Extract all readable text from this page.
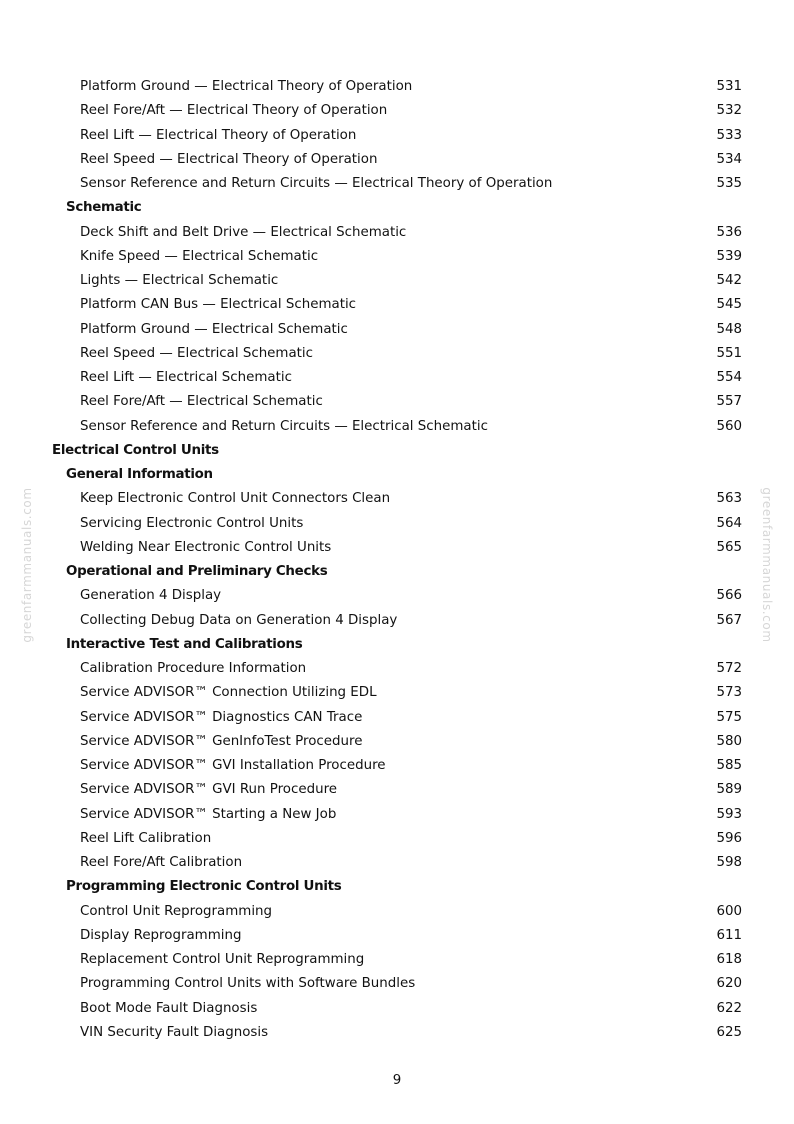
greenfarmmanuals.com	greenfarmmanuals.com
Platform Ground — Electrical Theory of Operation	531
Reel Fore/Aft — Electrical Theory of Operation	532
Reel Lift — Electrical Theory of Operation	533
Reel Speed — Electrical Theory of Operation	534
Sensor Reference and Return Circuits — Electrical Theory of Operation	535
Schematic
Deck Shift and Belt Drive — Electrical Schematic	536
Knife Speed — Electrical Schematic	539
Lights — Electrical Schematic	542
Platform CAN Bus — Electrical Schematic	545
Platform Ground — Electrical Schematic	548
Reel Speed — Electrical Schematic	551
Reel Lift — Electrical Schematic	554
Reel Fore/Aft — Electrical Schematic	557
Sensor Reference and Return Circuits — Electrical Schematic	560
Electrical Control Units
General Information
Keep Electronic Control Unit Connectors Clean	563
Servicing Electronic Control Units	564
Welding Near Electronic Control Units	565
Operational and Preliminary Checks
Generation 4 Display	566
Collecting Debug Data on Generation 4 Display	567
Interactive Test and Calibrations
Calibration Procedure Information	572
Service ADVISOR™ Connection Utilizing EDL	573
Service ADVISOR™ Diagnostics CAN Trace	575
Service ADVISOR™ GenInfoTest Procedure	580
Service ADVISOR™ GVI Installation Procedure	585
Service ADVISOR™ GVI Run Procedure	589
Service ADVISOR™ Starting a New Job	593
Reel Lift Calibration	596
Reel Fore/Aft Calibration	598
Programming Electronic Control Units
Control Unit Reprogramming	600
Display Reprogramming	611
Replacement Control Unit Reprogramming	618
Programming Control Units with Software Bundles	620
Boot Mode Fault Diagnosis	622
VIN Security Fault Diagnosis	625
9
